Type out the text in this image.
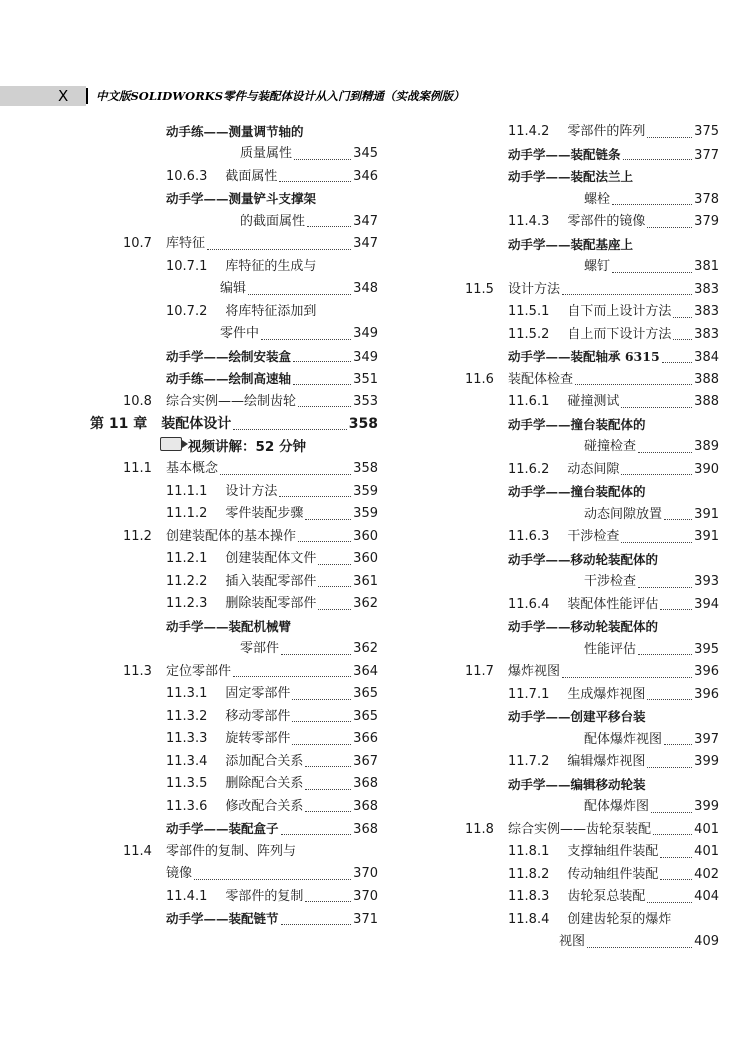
X 中文版SOLIDWORKS零件与装配体设计从入门到精通（实战案例版）
动手练——测量调节轴的
质量属性	345
10.6.3 截面属性	346
动手学——测量铲斗支撑架
的截面属性	347
10.7 库特征	347
10.7.1 库特征的生成与
编辑	348
10.7.2 将库特征添加到
零件中	349
动手学——绘制安装盒	349
动手练——绘制高速轴	351
10.8 综合实例——绘制齿轮	353
第 11 章 装配体设计	358
视频讲解：52 分钟
11.1 基本概念	358
11.1.1 设计方法	359
11.1.2 零件装配步骤	359
11.2 创建装配体的基本操作	360
11.2.1 创建装配体文件	360
11.2.2 插入装配零部件	361
11.2.3 删除装配零部件	362
动手学——装配机械臂
零部件	362
11.3 定位零部件	364
11.3.1 固定零部件	365
11.3.2 移动零部件	365
11.3.3 旋转零部件	366
11.3.4 添加配合关系	367
11.3.5 删除配合关系	368
11.3.6 修改配合关系	368
动手学——装配盒子	368
11.4 零部件的复制、阵列与
镜像	370
11.4.1 零部件的复制	370
动手学——装配链节	371
11.4.2 零部件的阵列	375
动手学——装配链条	377
动手学——装配法兰上
螺栓	378
11.4.3 零部件的镜像	379
动手学——装配基座上
螺钉	381
11.5 设计方法	383
11.5.1 自下而上设计方法 383
11.5.2 自上而下设计方法 383
动手学——装配轴承 6315	384
11.6 装配体检查	388
11.6.1 碰撞测试	388
动手学——撞台装配体的
碰撞检查	389
11.6.2 动态间隙	390
动手学——撞台装配体的
动态间隙放置 391
11.6.3 干涉检查	391
动手学——移动轮装配体的
干涉检查	393
11.6.4 装配体性能评估	394
动手学——移动轮装配体的
性能评估	395
11.7 爆炸视图	396
11.7.1 生成爆炸视图	396
动手学——创建平移台装
配体爆炸视图 397
11.7.2 编辑爆炸视图	399
动手学——编辑移动轮装
配体爆炸图	399
11.8 综合实例——齿轮泵装配	401
11.8.1 支撑轴组件装配	401
11.8.2 传动轴组件装配	402
11.8.3 齿轮泵总装配	404
11.8.4 创建齿轮泵的爆炸
视图	409
